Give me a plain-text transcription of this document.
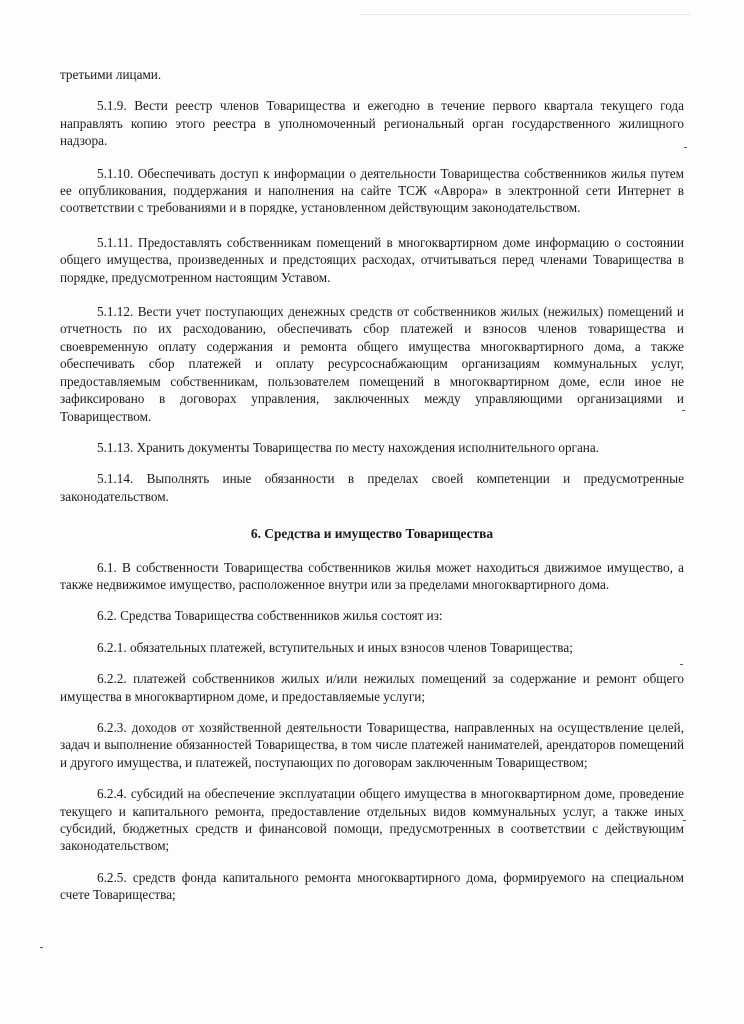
третьими лицами.

5.1.9. Вести реестр членов Товарищества и ежегодно в течение первого квартала текущего года направлять копию этого реестра в уполномоченный региональный орган государственного жилищного надзора.

5.1.10. Обеспечивать доступ к информации о деятельности Товарищества собственников жилья путем ее опубликования, поддержания и наполнения на сайте ТСЖ «Аврора» в электронной сети Интернет в соответствии с требованиями и в порядке, установленном действующим законодательством.

5.1.11. Предоставлять собственникам помещений в многоквартирном доме информацию о состоянии общего имущества, произведенных и предстоящих расходах, отчитываться перед членами Товарищества в порядке, предусмотренном настоящим Уставом.

5.1.12. Вести учет поступающих денежных средств от собственников жилых (нежилых) помещений и отчетность по их расходованию, обеспечивать сбор платежей и взносов членов товарищества и своевременную оплату содержания и ремонта общего имущества многоквартирного дома, а также обеспечивать сбор платежей и оплату ресурсоснабжающим организациям коммунальных услуг, предоставляемым собственникам, пользователем помещений в многоквартирном доме, если иное не зафиксировано в договорах управления, заключенных между управляющими организациями и Товариществом.

5.1.13. Хранить документы Товарищества по месту нахождения исполнительного органа.

5.1.14. Выполнять иные обязанности в пределах своей компетенции и предусмотренные законодательством.

6. Средства и имущество Товарищества

6.1. В собственности Товарищества собственников жилья может находиться движимое имущество, а также недвижимое имущество, расположенное внутри или за пределами многоквартирного дома.

6.2. Средства Товарищества собственников жилья состоят из:

6.2.1. обязательных платежей, вступительных и иных взносов членов Товарищества;

6.2.2. платежей собственников жилых и/или нежилых помещений за содержание и ремонт общего имущества в многоквартирном доме, и предоставляемые услуги;

6.2.3. доходов от хозяйственной деятельности Товарищества, направленных на осуществление целей, задач и выполнение обязанностей Товарищества, в том числе платежей нанимателей, арендаторов помещений и другого имущества, и платежей, поступающих по договорам заключенным Товариществом;

6.2.4. субсидий на обеспечение эксплуатации общего имущества в многоквартирном доме, проведение текущего и капитального ремонта, предоставление отдельных видов коммунальных услуг, а также иных субсидий, бюджетных средств и финансовой помощи, предусмотренных в соответствии с действующим законодательством;

6.2.5. средств фонда капитального ремонта многоквартирного дома, формируемого на специальном счете Товарищества;
